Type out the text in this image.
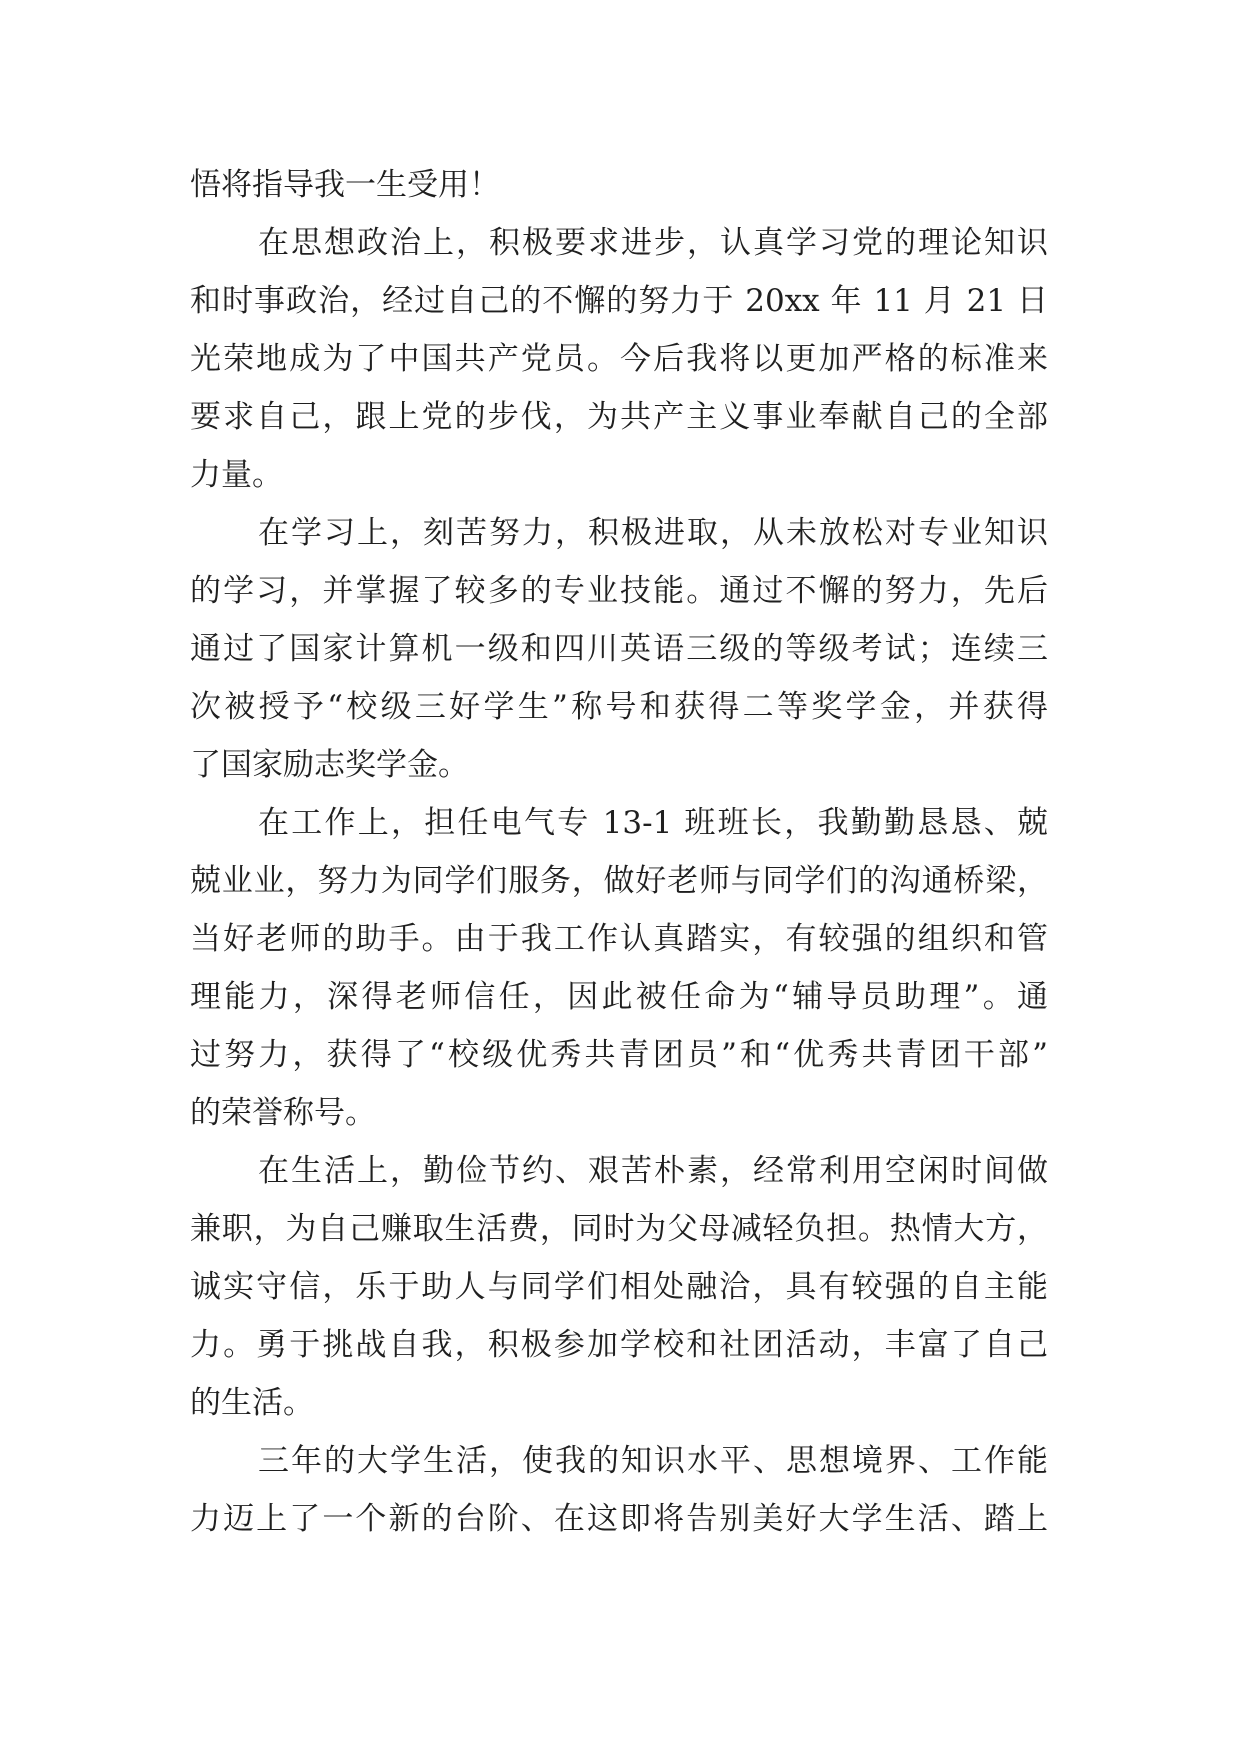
悟将指导我一生受用！
在思想政治上，积极要求进步，认真学习党的理论知识
和时事政治，经过自己的不懈的努力于 20xx 年 11 月 21 日
光荣地成为了中国共产党员。今后我将以更加严格的标准来
要求自己，跟上党的步伐，为共产主义事业奉献自己的全部
力量。
在学习上，刻苦努力，积极进取，从未放松对专业知识
的学习，并掌握了较多的专业技能。通过不懈的努力，先后
通过了国家计算机一级和四川英语三级的等级考试；连续三
次被授予“校级三好学生”称号和获得二等奖学金，并获得
了国家励志奖学金。
在工作上，担任电气专 13-1 班班长，我勤勤恳恳、兢
兢业业，努力为同学们服务，做好老师与同学们的沟通桥梁，
当好老师的助手。由于我工作认真踏实，有较强的组织和管
理能力，深得老师信任，因此被任命为“辅导员助理”。通
过努力，获得了“校级优秀共青团员”和“优秀共青团干部”
的荣誉称号。
在生活上，勤俭节约、艰苦朴素，经常利用空闲时间做
兼职，为自己赚取生活费，同时为父母减轻负担。热情大方，
诚实守信，乐于助人与同学们相处融洽，具有较强的自主能
力。勇于挑战自我，积极参加学校和社团活动，丰富了自己
的生活。
三年的大学生活，使我的知识水平、思想境界、工作能
力迈上了一个新的台阶、在这即将告别美好大学生活、踏上
